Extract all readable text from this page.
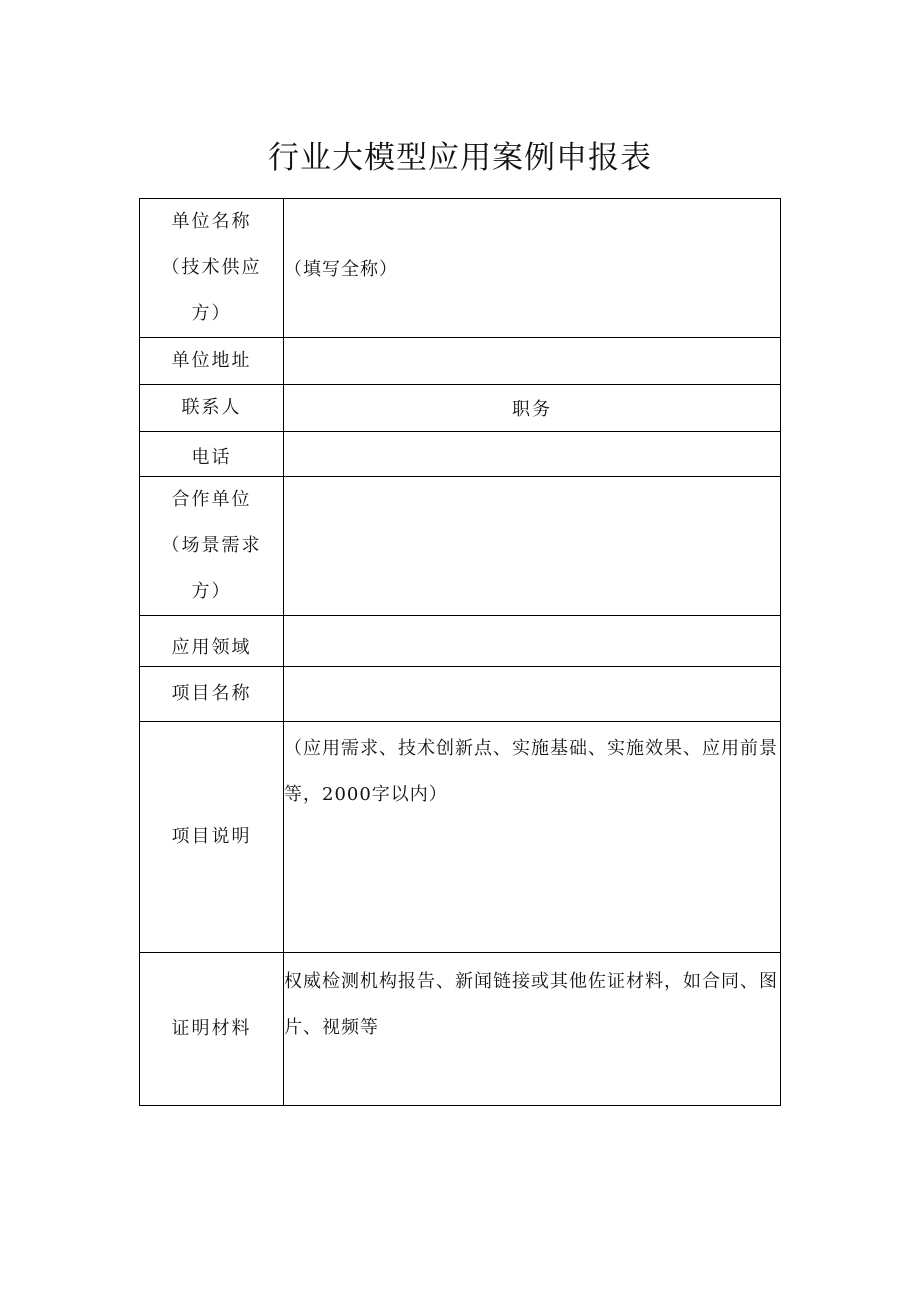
行业大模型应用案例申报表
单位名称（技术供应方）	（填写全称）
单位地址	
联系人	职务
电话	
合作单位（场景需求方）	
应用领域	
项目名称	
项目说明	（应用需求、技术创新点、实施基础、实施效果、应用前景等，2000字以内）

证明材料	权威检测机构报告、新闻链接或其他佐证材料，如合同、图片、视频等
